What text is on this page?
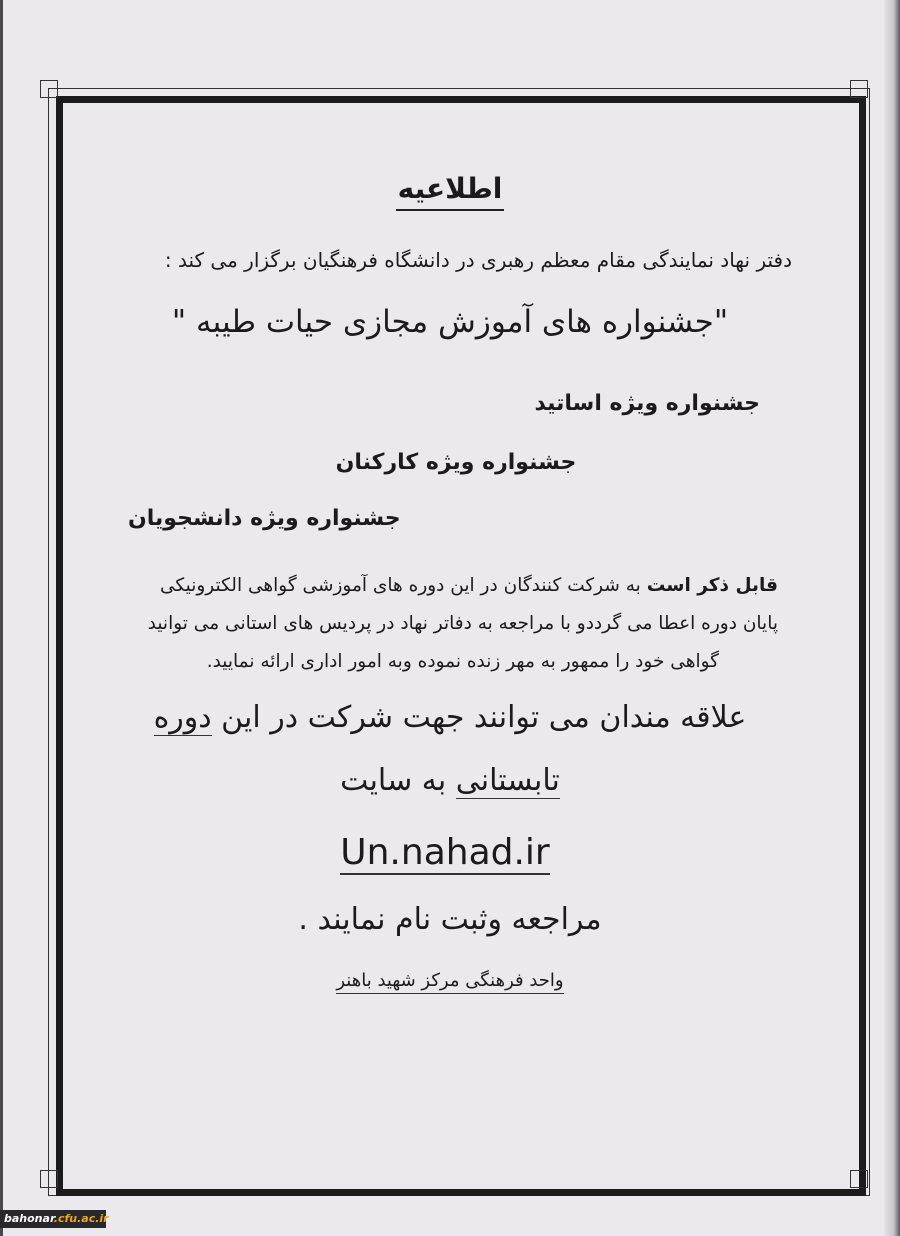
اطلاعیه
دفتر نهاد نمایندگی مقام معظم رهبری در دانشگاه فرهنگیان برگزار می کند :
"جشنواره های آموزش مجازی حیات طیبه "
جشنواره ویژه اساتید
جشنواره ویژه کارکنان
جشنواره ویژه دانشجویان
قابل ذکر است به شرکت کنندگان در این دوره های آموزشی گواهی الکترونیکی
پایان دوره اعطا می گرددو با مراجعه به دفاتر نهاد در پردیس های استانی می توانید
گواهی خود را ممهور به مهر زنده نموده وبه امور اداری ارائه نمایید.
علاقه مندان می توانند جهت شرکت در این دوره
تابستانی به سایت
Un.nahad.ir
مراجعه وثبت نام نمایند .
واحد فرهنگی مرکز شهید باهنر
bahonar.cfu.ac.ir
